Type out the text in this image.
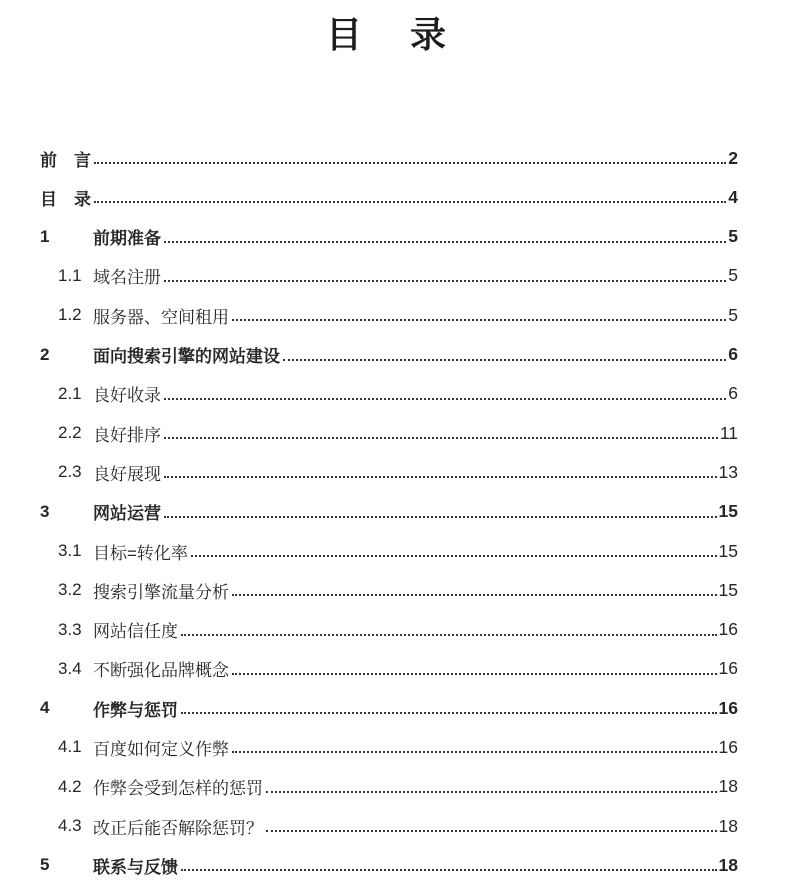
目　录
前　言	2
目　录	4
1	前期准备	5
1.1 域名注册	5
1.2 服务器、空间租用	5
2	面向搜索引擎的网站建设	6
2.1 良好收录	6
2.2 良好排序	11
2.3 良好展现	13
3	网站运营	15
3.1 目标=转化率	15
3.2 搜索引擎流量分析	15
3.3 网站信任度	16
3.4 不断强化品牌概念	16
4	作弊与惩罚	16
4.1 百度如何定义作弊	16
4.2 作弊会受到怎样的惩罚	18
4.3 改正后能否解除惩罚？	18
5	联系与反馈	18
